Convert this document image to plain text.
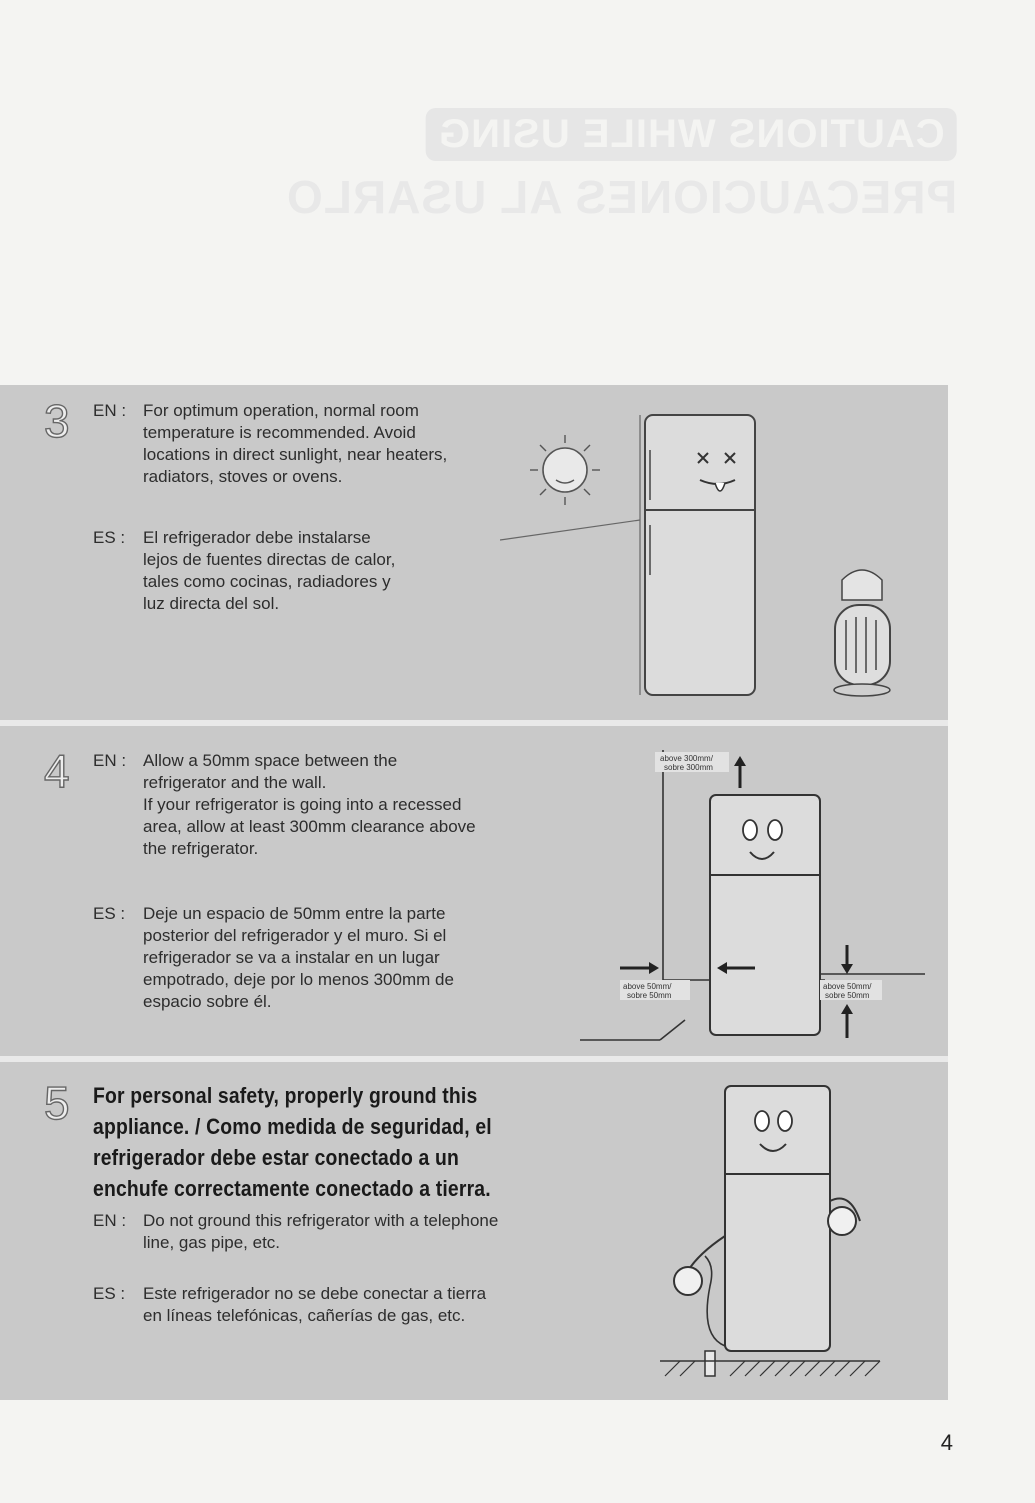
CAUTIONS WHILE USING
PRECAUCIONES AL USARLO
3 EN : For optimum operation, normal room
temperature is recommended. Avoid
locations in direct sunlight, near heaters,
radiators, stoves or ovens.
ES : El refrigerador debe instalarse
lejos de fuentes directas de calor,
tales como cocinas, radiadores y
luz directa del sol.
4 EN : Allow a 50mm space between the
refrigerator and the wall.
If your refrigerator is going into a recessed
area, allow at least 300mm clearance above
the refrigerator.
ES : Deje un espacio de 50mm entre la parte
posterior del refrigerador y el muro. Si el
refrigerador se va a instalar en un lugar
empotrado, deje por lo menos 300mm de
espacio sobre él.
above 300mm/
sobre 300mm
above 50mm/
sobre 50mm
above 50mm/
sobre 50mm
5 For personal safety, properly ground this
appliance. / Como medida de seguridad, el
refrigerador debe estar conectado a un
enchufe correctamente conectado a tierra.
EN : Do not ground this refrigerator with a telephone
line, gas pipe, etc.
ES : Este refrigerador no se debe conectar a tierra
en líneas telefónicas, cañerías de gas, etc.
4
